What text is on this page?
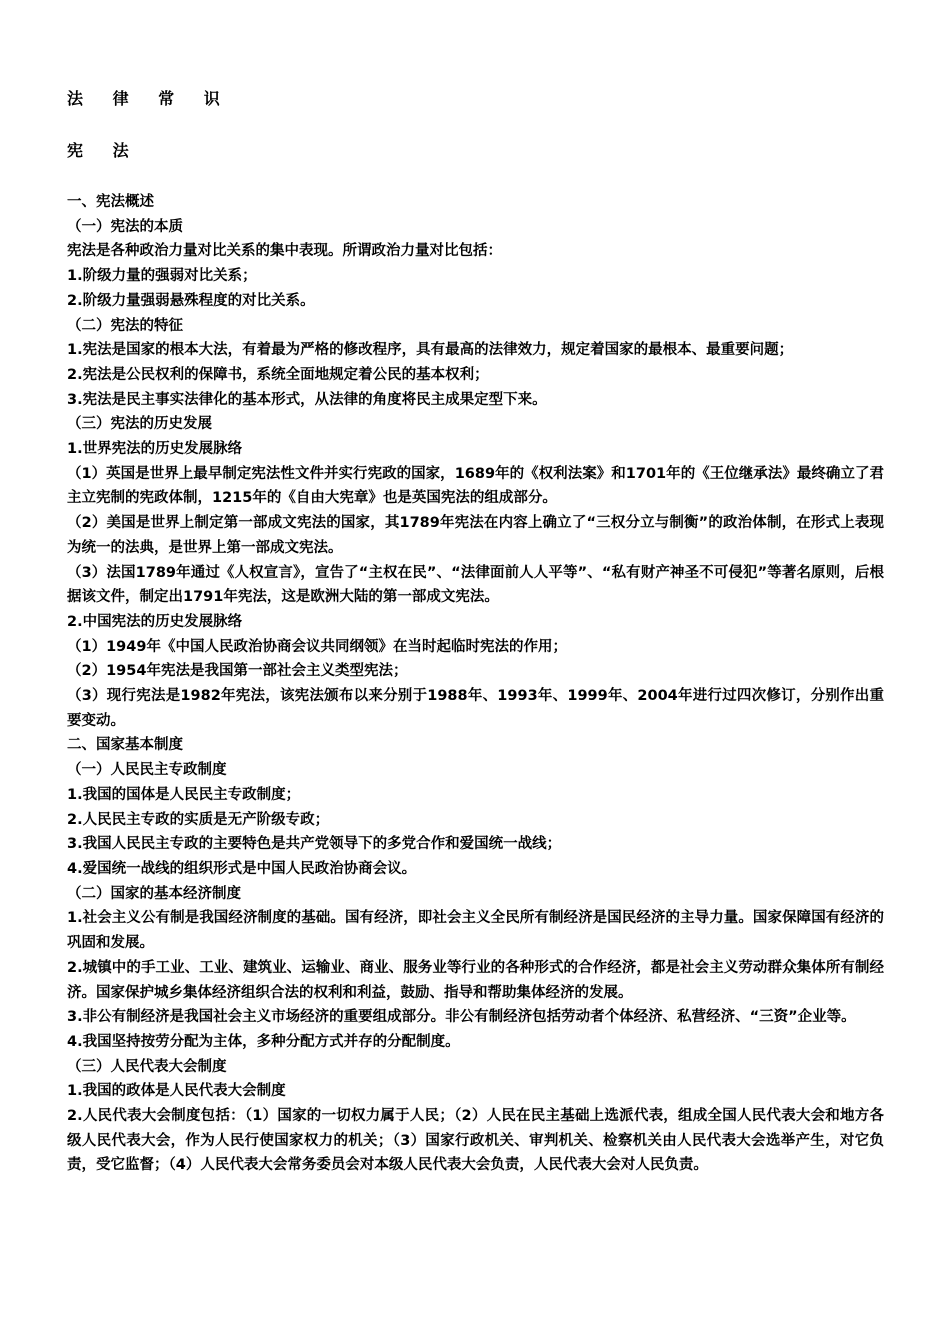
法 律 常 识
宪 法

一、宪法概述

（一）宪法的本质

宪法是各种政治力量对比关系的集中表现。所谓政治力量对比包括：

1.阶级力量的强弱对比关系；

2.阶级力量强弱悬殊程度的对比关系。

（二）宪法的特征

1.宪法是国家的根本大法，有着最为严格的修改程序，具有最高的法律效力，规定着国家的最根本、最重要问题；

2.宪法是公民权利的保障书，系统全面地规定着公民的基本权利；

3.宪法是民主事实法律化的基本形式，从法律的角度将民主成果定型下来。

（三）宪法的历史发展

1.世界宪法的历史发展脉络

（1）英国是世界上最早制定宪法性文件并实行宪政的国家，1689年的《权利法案》和1701年的《王位继承法》最终确立了君主立宪制的宪政体制，1215年的《自由大宪章》也是英国宪法的组成部分。

（2）美国是世界上制定第一部成文宪法的国家，其1789年宪法在内容上确立了“三权分立与制衡”的政治体制，在形式上表现为统一的法典，是世界上第一部成文宪法。

（3）法国1789年通过《人权宣言》，宣告了“主权在民”、“法律面前人人平等”、“私有财产神圣不可侵犯”等著名原则，后根据该文件，制定出1791年宪法，这是欧洲大陆的第一部成文宪法。

2.中国宪法的历史发展脉络

（1）1949年《中国人民政治协商会议共同纲领》在当时起临时宪法的作用；

（2）1954年宪法是我国第一部社会主义类型宪法；

（3）现行宪法是1982年宪法，该宪法颁布以来分别于1988年、1993年、1999年、2004年进行过四次修订，分别作出重要变动。

二、国家基本制度

（一）人民民主专政制度

1.我国的国体是人民民主专政制度；

2.人民民主专政的实质是无产阶级专政；

3.我国人民民主专政的主要特色是共产党领导下的多党合作和爱国统一战线；

4.爱国统一战线的组织形式是中国人民政治协商会议。

（二）国家的基本经济制度

1.社会主义公有制是我国经济制度的基础。国有经济，即社会主义全民所有制经济是国民经济的主导力量。国家保障国有经济的巩固和发展。

2.城镇中的手工业、工业、建筑业、运输业、商业、服务业等行业的各种形式的合作经济，都是社会主义劳动群众集体所有制经济。国家保护城乡集体经济组织合法的权利和利益，鼓励、指导和帮助集体经济的发展。

3.非公有制经济是我国社会主义市场经济的重要组成部分。非公有制经济包括劳动者个体经济、私营经济、“三资”企业等。

4.我国坚持按劳分配为主体，多种分配方式并存的分配制度。

（三）人民代表大会制度

1.我国的政体是人民代表大会制度

2.人民代表大会制度包括：（1）国家的一切权力属于人民；（2）人民在民主基础上选派代表，组成全国人民代表大会和地方各级人民代表大会，作为人民行使国家权力的机关；（3）国家行政机关、审判机关、检察机关由人民代表大会选举产生，对它负责，受它监督；（4）人民代表大会常务委员会对本级人民代表大会负责，人民代表大会对人民负责。
